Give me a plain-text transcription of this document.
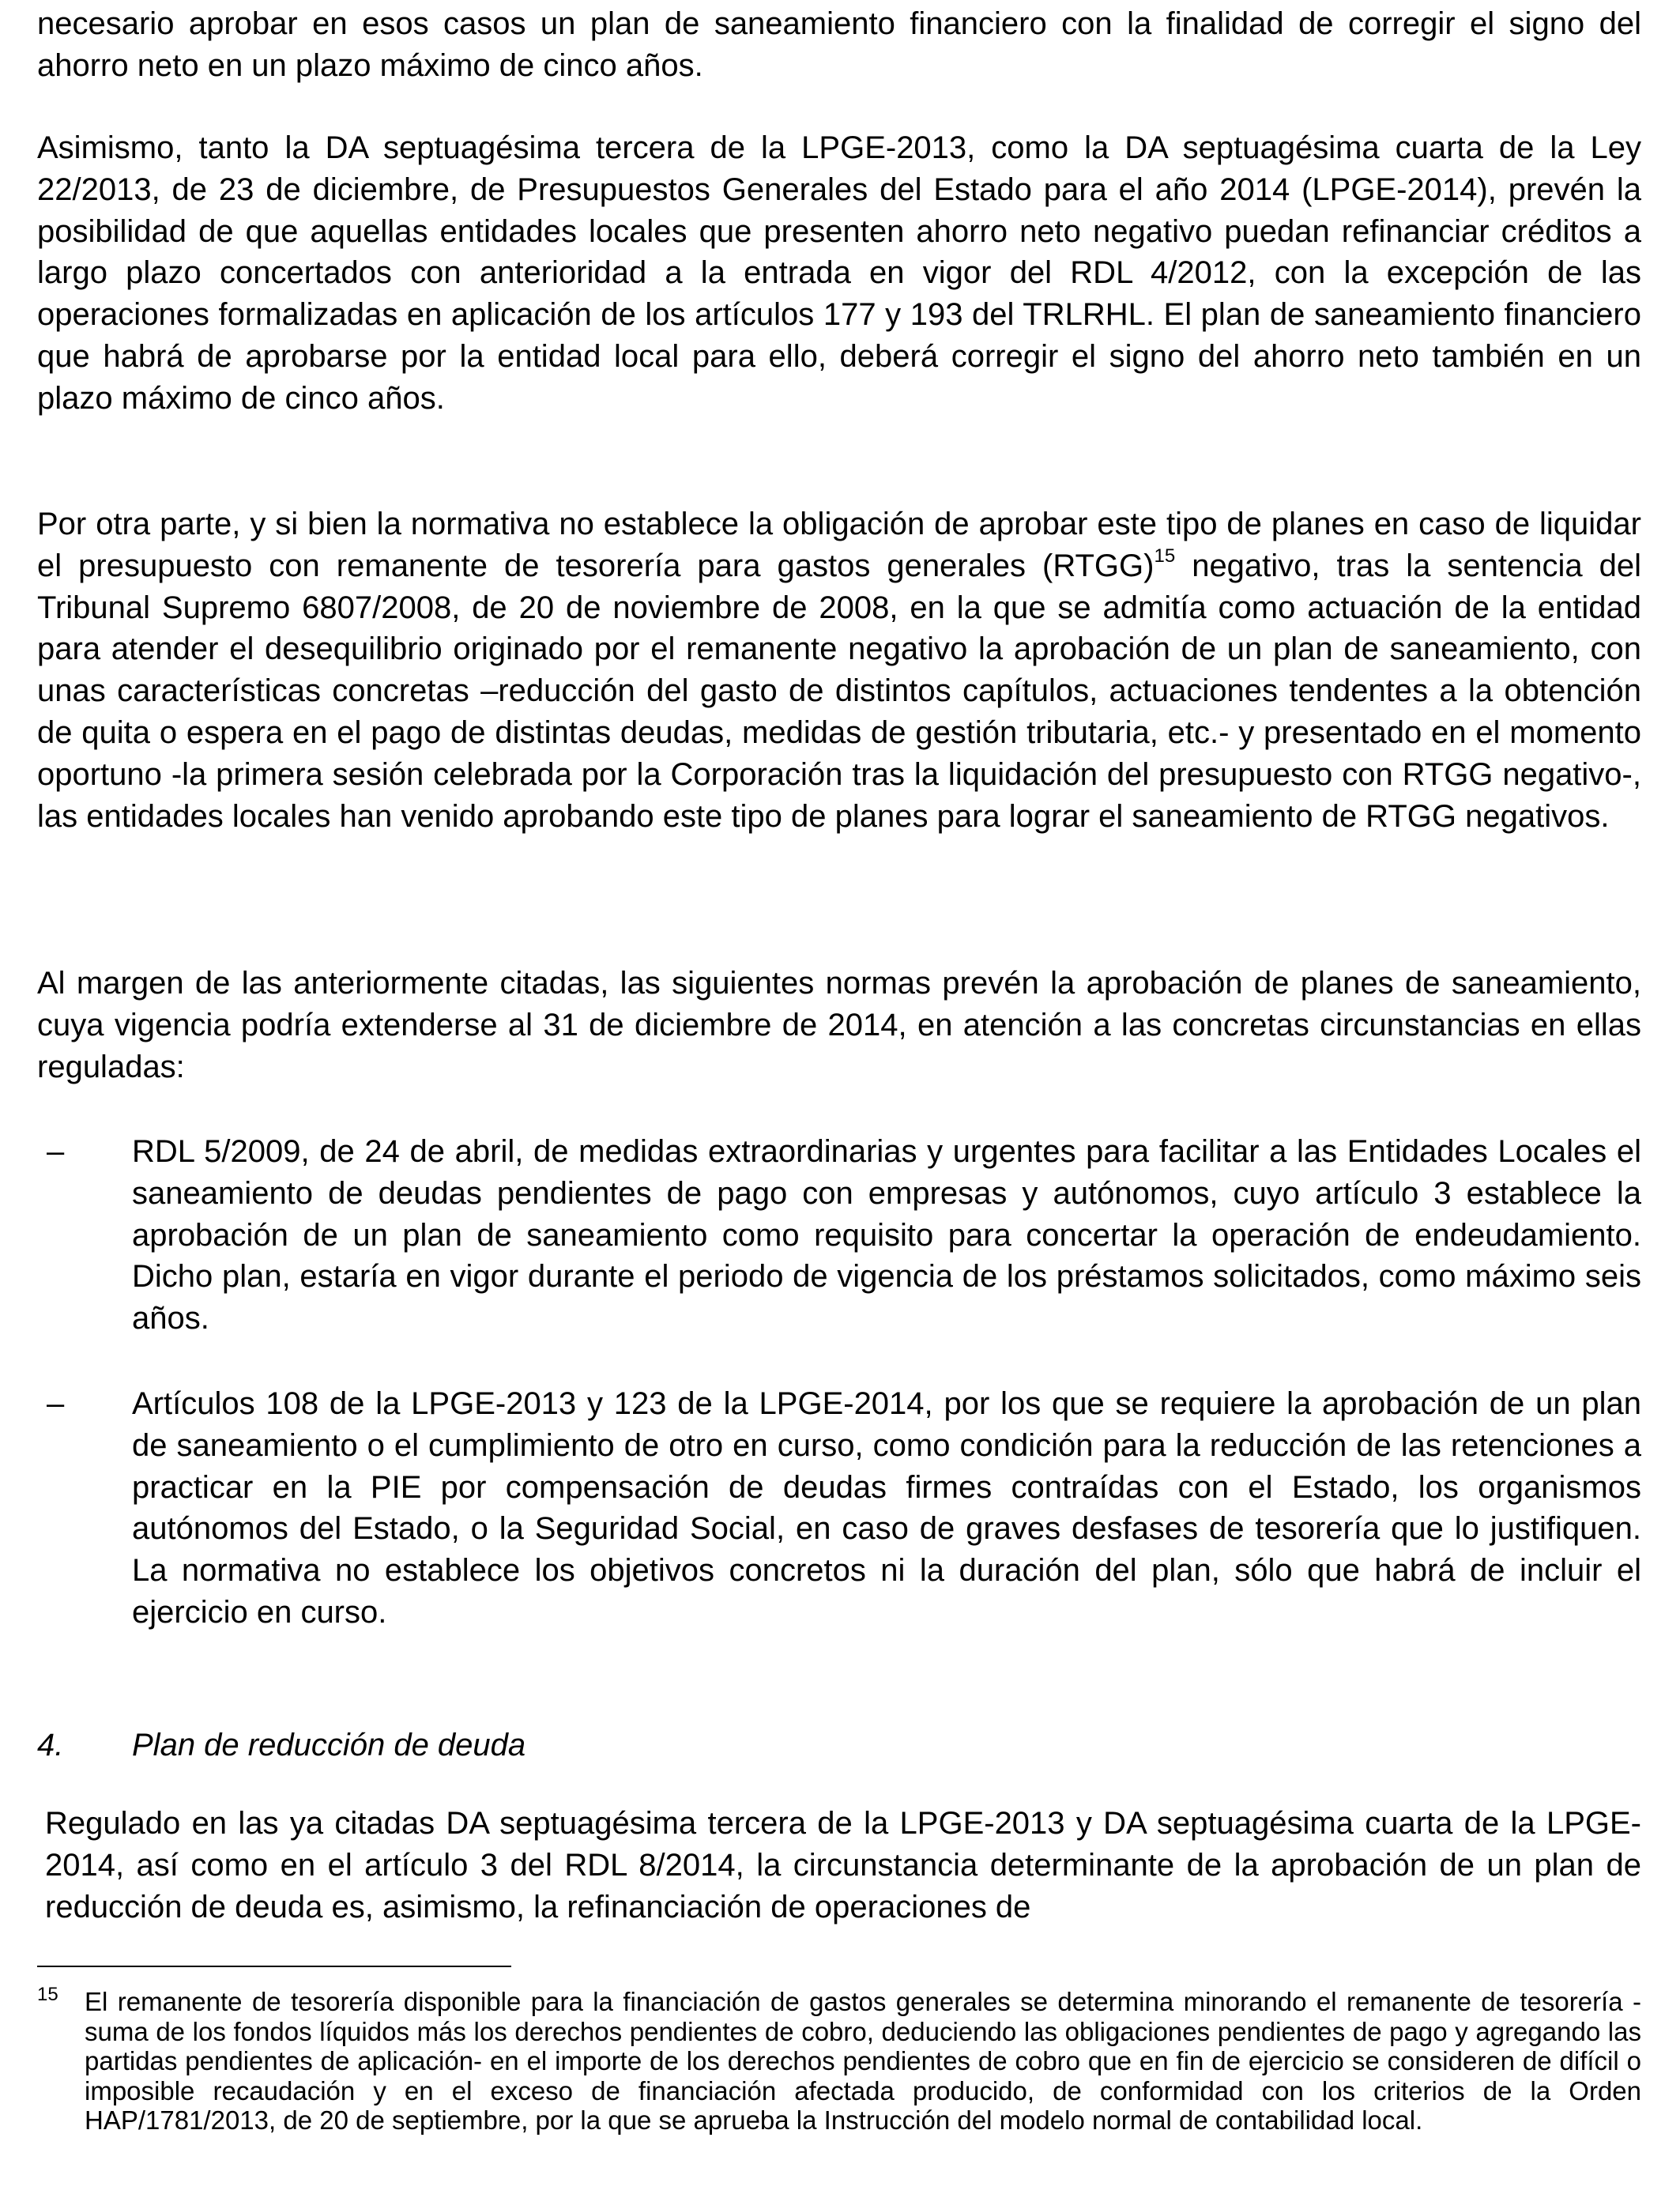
necesario aprobar en esos casos un plan de saneamiento financiero con la finalidad de corregir el signo del ahorro neto en un plazo máximo de cinco años.

Asimismo, tanto la DA septuagésima tercera de la LPGE-2013, como la DA septuagésima cuarta de la Ley 22/2013, de 23 de diciembre, de Presupuestos Generales del Estado para el año 2014 (LPGE-2014), prevén la posibilidad de que aquellas entidades locales que presenten ahorro neto negativo puedan refinanciar créditos a largo plazo concertados con anterioridad a la entrada en vigor del RDL 4/2012, con la excepción de las operaciones formalizadas en aplicación de los artículos 177 y 193 del TRLRHL. El plan de saneamiento financiero que habrá de aprobarse por la entidad local para ello, deberá corregir el signo del ahorro neto también en un plazo máximo de cinco años.

Por otra parte, y si bien la normativa no establece la obligación de aprobar este tipo de planes en caso de liquidar el presupuesto con remanente de tesorería para gastos generales (RTGG)$^{15}$ negativo, tras la sentencia del Tribunal Supremo 6807/2008, de 20 de noviembre de 2008, en la que se admitía como actuación de la entidad para atender el desequilibrio originado por el remanente negativo la aprobación de un plan de saneamiento, con unas características concretas –reducción del gasto de distintos capítulos, actuaciones tendentes a la obtención de quita o espera en el pago de distintas deudas, medidas de gestión tributaria, etc.- y presentado en el momento oportuno -la primera sesión celebrada por la Corporación tras la liquidación del presupuesto con RTGG negativo-, las entidades locales han venido aprobando este tipo de planes para lograr el saneamiento de RTGG negativos.

Al margen de las anteriormente citadas, las siguientes normas prevén la aprobación de planes de saneamiento, cuya vigencia podría extenderse al 31 de diciembre de 2014, en atención a las concretas circunstancias en ellas reguladas:

– RDL 5/2009, de 24 de abril, de medidas extraordinarias y urgentes para facilitar a las Entidades Locales el saneamiento de deudas pendientes de pago con empresas y autónomos, cuyo artículo 3 establece la aprobación de un plan de saneamiento como requisito para concertar la operación de endeudamiento. Dicho plan, estaría en vigor durante el periodo de vigencia de los préstamos solicitados, como máximo seis años.

– Artículos 108 de la LPGE-2013 y 123 de la LPGE-2014, por los que se requiere la aprobación de un plan de saneamiento o el cumplimiento de otro en curso, como condición para la reducción de las retenciones a practicar en la PIE por compensación de deudas firmes contraídas con el Estado, los organismos autónomos del Estado, o la Seguridad Social, en caso de graves desfases de tesorería que lo justifiquen. La normativa no establece los objetivos concretos ni la duración del plan, sólo que habrá de incluir el ejercicio en curso.

4. Plan de reducción de deuda

Regulado en las ya citadas DA septuagésima tercera de la LPGE-2013 y DA septuagésima cuarta de la LPGE-2014, así como en el artículo 3 del RDL 8/2014, la circunstancia determinante de la aprobación de un plan de reducción de deuda es, asimismo, la refinanciación de operaciones de

15 El remanente de tesorería disponible para la financiación de gastos generales se determina minorando el remanente de tesorería -suma de los fondos líquidos más los derechos pendientes de cobro, deduciendo las obligaciones pendientes de pago y agregando las partidas pendientes de aplicación- en el importe de los derechos pendientes de cobro que en fin de ejercicio se consideren de difícil o imposible recaudación y en el exceso de financiación afectada producido, de conformidad con los criterios de la Orden HAP/1781/2013, de 20 de septiembre, por la que se aprueba la Instrucción del modelo normal de contabilidad local.
